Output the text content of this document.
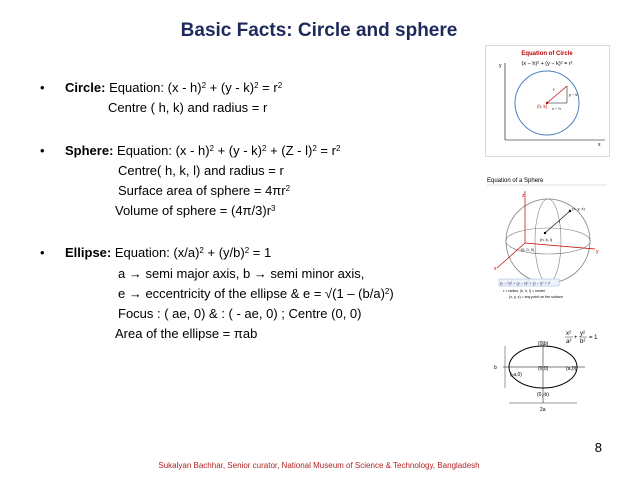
Basic Facts: Circle and sphere
• Circle: Equation: $(x - h)^2 + (y - k)^2 = r^2$
Centre ( h, k) and radius = r
• Sphere: Equation: $(x - h)^2 + (y - k)^2 + (Z - l)^2 = r^2$
Centre( h, k, l) and radius = r
Surface area of sphere = $4\pi r^2$
Volume of sphere = $(4\pi/3)r^3$
• Ellipse: Equation: $(x/a)^2 + (y/b)^2 = 1$
a → semi major axis, b → semi minor axis,
e → eccentricity of the ellipse & $e = √(1 - (b/a)^2)$
Focus : ( ae, 0) & : ( - ae, 0) ; Centre (0, 0)
Area of the ellipse = πab
Equation of Circle
(x − h)² + (y − k)² = r²
y
x
(h, k)
r
y − k
x − h
Equation of a Sphere
z
y
x
(x, y, z)
(h, k, l)
r
(0, 0, 0)
(x − h)² + (y − k)² + (z − l)² = r²
r = radius, (h, k, l) = center
(x, y, z) = any point on the surface
x²
a²
+
y²
b²
= 1
(0,b)
(-a,0)
(0,0)	(a,0)
(0,-b)
b
2a
8
Sukalyan Bachhar, Senior curator, National Museum of Science & Technology, Bangladesh
